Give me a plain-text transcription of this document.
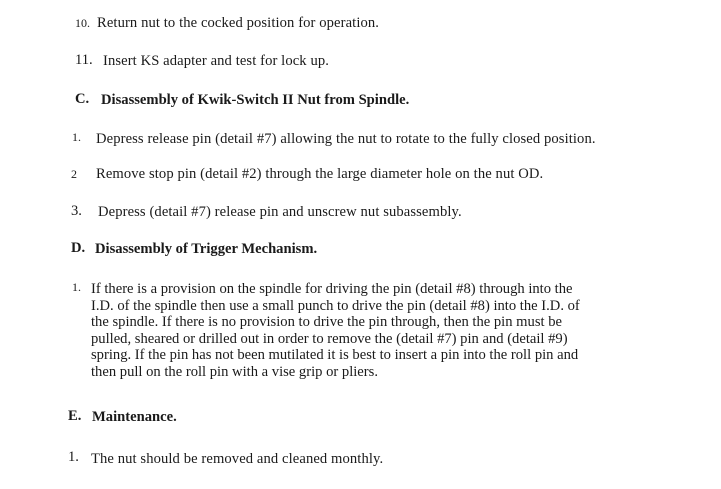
10. Return nut to the cocked position for operation.
11. Insert KS adapter and test for lock up.
C. Disassembly of Kwik-Switch II Nut from Spindle.
1. Depress release pin (detail #7) allowing the nut to rotate to the fully closed position.
2 Remove stop pin (detail #2) through the large diameter hole on the nut OD.
3. Depress (detail #7) release pin and unscrew nut subassembly.
D. Disassembly of Trigger Mechanism.
1. If there is a provision on the spindle for driving the pin (detail #8) through into the
I.D. of the spindle then use a small punch to drive the pin (detail #8) into the I.D. of
the spindle. If there is no provision to drive the pin through, then the pin must be
pulled, sheared or drilled out in order to remove the (detail #7) pin and (detail #9)
spring. If the pin has not been mutilated it is best to insert a pin into the roll pin and
then pull on the roll pin with a vise grip or pliers.
E. Maintenance.
1. The nut should be removed and cleaned monthly.
